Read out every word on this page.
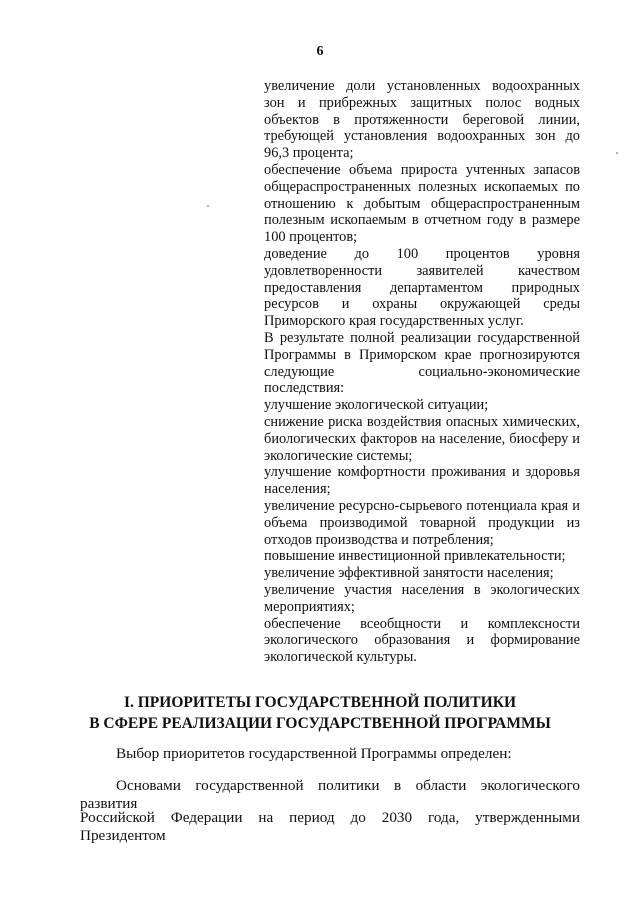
6

увеличение доли установленных водоохранных зон и прибрежных защитных полос водных объектов в протяженности береговой линии, требующей установления водоохранных зон до 96,3 процента;

обеспечение объема прироста учтенных запасов общераспространенных полезных ископаемых по отношению к добытым общераспространенным полезным ископаемым в отчетном году в размере 100 процентов;

доведение до 100 процентов уровня удовлетворенности заявителей качеством предоставления департаментом природных ресурсов и охраны окружающей среды Приморского края государственных услуг.

В результате полной реализации государственной Программы в Приморском крае прогнозируются следующие социально-экономические последствия:

улучшение экологической ситуации;

снижение риска воздействия опасных химических, биологических факторов на население, биосферу и экологические системы;

улучшение комфортности проживания и здоровья населения;

увеличение ресурсно-сырьевого потенциала края и объема производимой товарной продукции из отходов производства и потребления;

повышение инвестиционной привлекательности;

увеличение эффективной занятости населения;

увеличение участия населения в экологических мероприятиях;

обеспечение всеобщности и комплексности экологического образования и формирование экологической культуры.

I. ПРИОРИТЕТЫ ГОСУДАРСТВЕННОЙ ПОЛИТИКИ
В СФЕРЕ РЕАЛИЗАЦИИ ГОСУДАРСТВЕННОЙ ПРОГРАММЫ
Выбор приоритетов государственной Программы определен:
Основами государственной политики в области экологического развития
Российской Федерации на период до 2030 года, утвержденными Президентом
